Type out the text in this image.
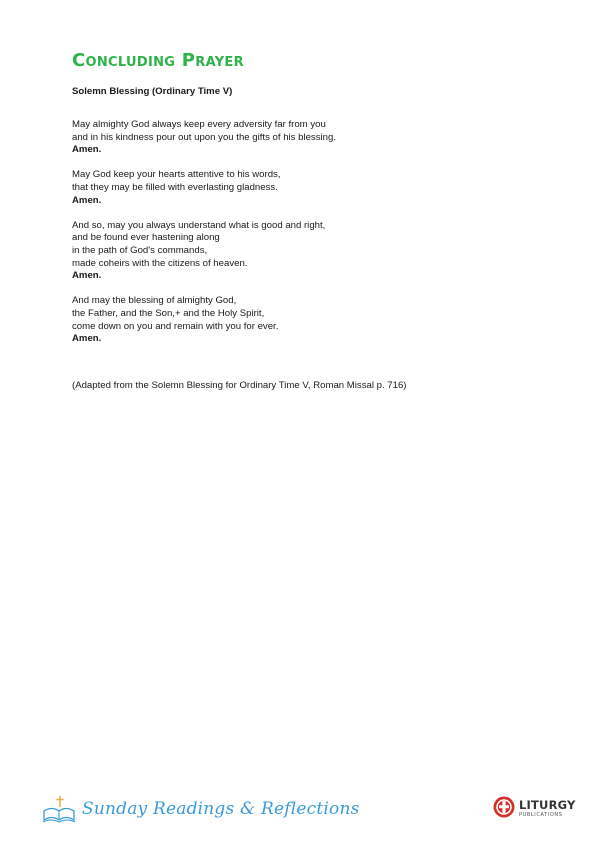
Concluding Prayer
Solemn Blessing (Ordinary Time V)
May almighty God always keep every adversity far from you
and in his kindness pour out upon you the gifts of his blessing.
Amen.
May God keep your hearts attentive to his words,
that they may be filled with everlasting gladness.
Amen.
And so, may you always understand what is good and right,
and be found ever hastening along
in the path of God's commands,
made coheirs with the citizens of heaven.
Amen.
And may the blessing of almighty God,
the Father, and the Son,+ and the Holy Spirit,
come down on you and remain with you for ever.
Amen.
(Adapted from the Solemn Blessing for Ordinary Time V, Roman Missal p. 716)
Sunday Readings & Reflections	LITURGY
PUBLICATIONS
